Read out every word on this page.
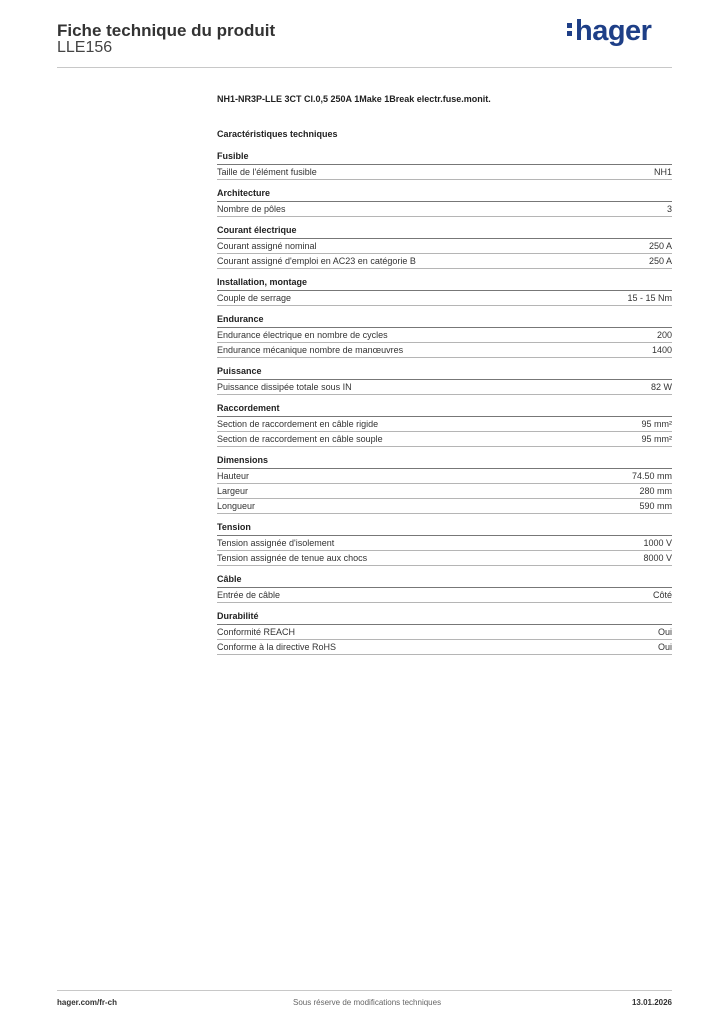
Fiche technique du produit
LLE156
hager
NH1-NR3P-LLE 3CT Cl.0,5 250A 1Make 1Break electr.fuse.monit.
Caractéristiques techniques
Fusible
Taille de l'élément fusible	NH1
Architecture
Nombre de pôles	3
Courant électrique
Courant assigné nominal	250 A
Courant assigné d'emploi en AC23 en catégorie B	250 A
Installation, montage
Couple de serrage	15 - 15 Nm
Endurance
Endurance électrique en nombre de cycles	200
Endurance mécanique nombre de manœuvres	1400
Puissance
Puissance dissipée totale sous IN	82 W
Raccordement
Section de raccordement en câble rigide	95 mm²
Section de raccordement en câble souple	95 mm²
Dimensions
Hauteur	74.50 mm
Largeur	280 mm
Longueur	590 mm
Tension
Tension assignée d'isolement	1000 V
Tension assignée de tenue aux chocs	8000 V
Câble
Entrée de câble	Côté
Durabilité
Conformité REACH	Oui
Conforme à la directive RoHS	Oui
hager.com/fr-ch	Sous réserve de modifications techniques	13.01.2026
